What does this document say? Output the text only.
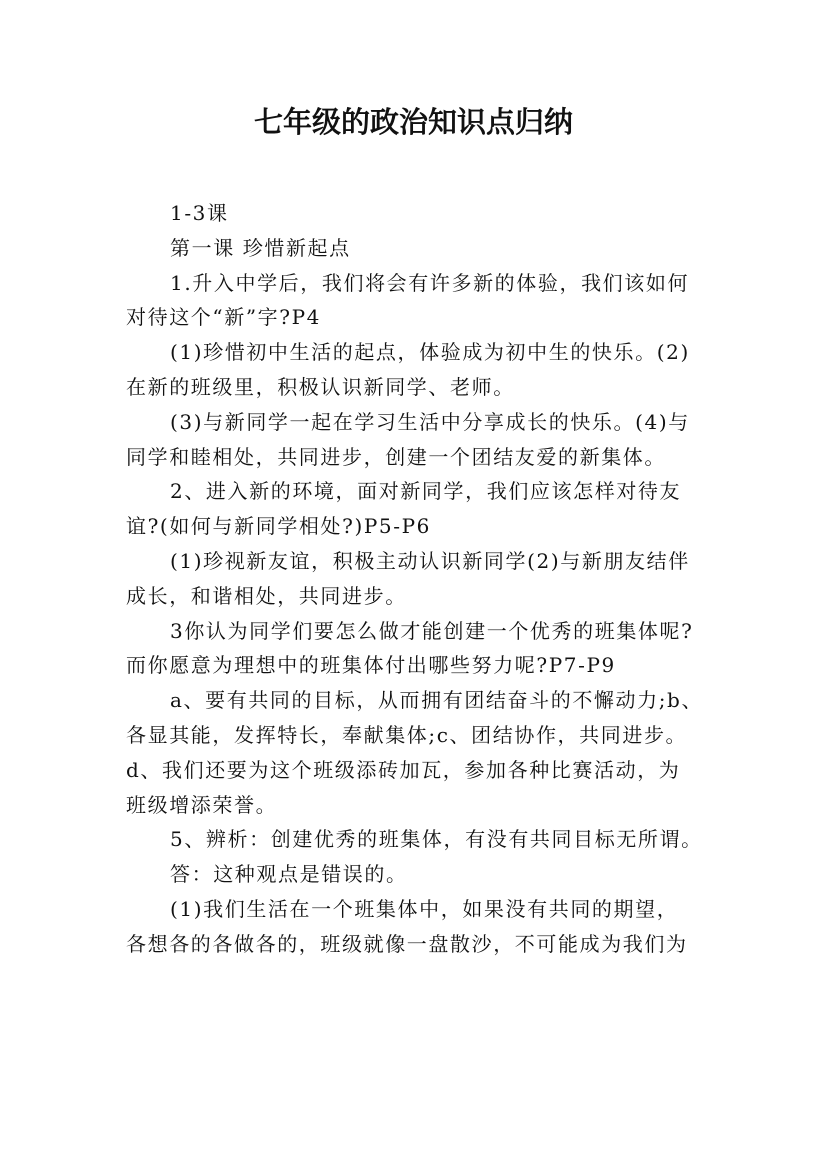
七年级的政治知识点归纳

1-3课

第一课 珍惜新起点

1.升入中学后，我们将会有许多新的体验，我们该如何
对待这个“新”字?P4

(1)珍惜初中生活的起点，体验成为初中生的快乐。(2)
在新的班级里，积极认识新同学、老师。

(3)与新同学一起在学习生活中分享成长的快乐。(4)与
同学和睦相处，共同进步，创建一个团结友爱的新集体。

2、进入新的环境，面对新同学，我们应该怎样对待友
谊?(如何与新同学相处?)P5-P6

(1)珍视新友谊，积极主动认识新同学(2)与新朋友结伴
成长，和谐相处，共同进步。

3你认为同学们要怎么做才能创建一个优秀的班集体呢?
而你愿意为理想中的班集体付出哪些努力呢?P7-P9

a、要有共同的目标，从而拥有团结奋斗的不懈动力;b、
各显其能，发挥特长，奉献集体;c、团结协作，共同进步。
d、我们还要为这个班级添砖加瓦，参加各种比赛活动，为
班级增添荣誉。

5、辨析：创建优秀的班集体，有没有共同目标无所谓。

答：这种观点是错误的。

(1)我们生活在一个班集体中，如果没有共同的期望，
各想各的各做各的，班级就像一盘散沙，不可能成为我们为
